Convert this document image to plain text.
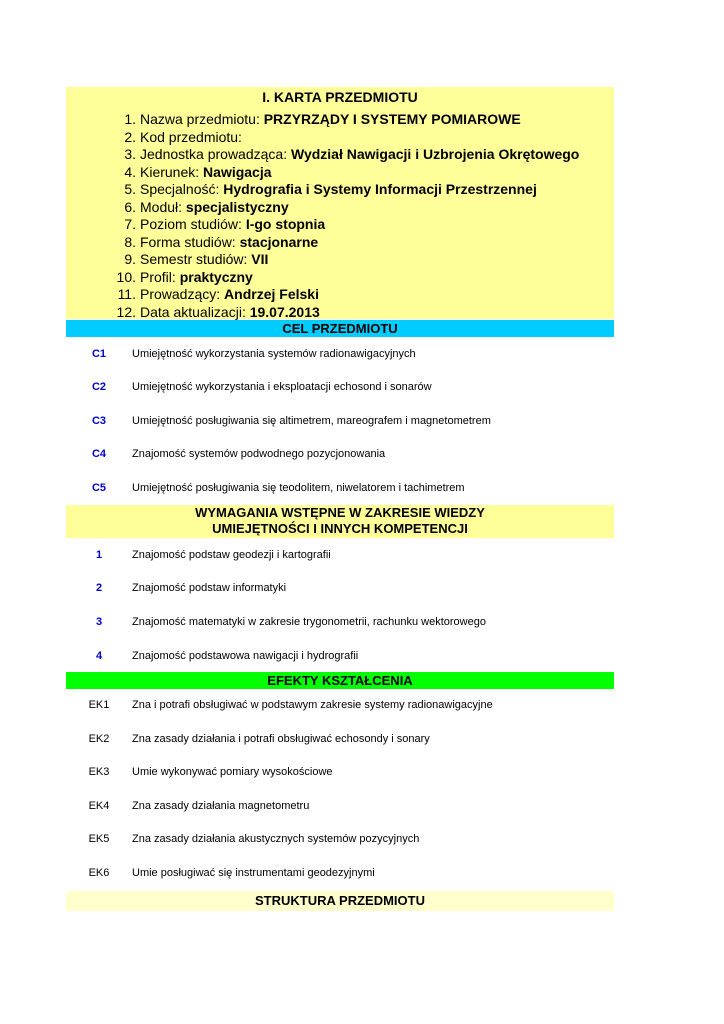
I. KARTA PRZEDMIOTU
1. Nazwa przedmiotu: PRZYRZĄDY I SYSTEMY POMIAROWE
2. Kod przedmiotu:
3. Jednostka prowadząca: Wydział Nawigacji i Uzbrojenia Okrętowego
4. Kierunek: Nawigacja
5. Specjalność: Hydrografia i Systemy Informacji Przestrzennej
6. Moduł: specjalistyczny
7. Poziom studiów: I-go stopnia
8. Forma studiów: stacjonarne
9. Semestr studiów: VII
10. Profil: praktyczny
11. Prowadzący: Andrzej Felski
12. Data aktualizacji: 19.07.2013
CEL PRZEDMIOTU
C1	Umiejętność wykorzystania systemów radionawigacyjnych
C2	Umiejętność wykorzystania i eksploatacji echosond i sonarów
C3	Umiejętność posługiwania się altimetrem, mareografem i magnetometrem
C4	Znajomość systemów podwodnego pozycjonowania
C5	Umiejętność posługiwania się teodolitem, niwelatorem i tachimetrem
WYMAGANIA WSTĘPNE W ZAKRESIE WIEDZY
UMIEJĘTNOŚCI I INNYCH KOMPETENCJI
1	Znajomość podstaw geodezji i kartografii
2	Znajomość podstaw informatyki
3	Znajomość matematyki w zakresie trygonometrii, rachunku wektorowego
4	Znajomość podstawowa nawigacji i hydrografii
EFEKTY KSZTAŁCENIA
EK1	Zna i potrafi obsługiwać w podstawym zakresie systemy radionawigacyjne
EK2	Zna zasady działania i potrafi obsługiwać echosondy i sonary
EK3	Umie wykonywać pomiary wysokościowe
EK4	Zna zasady działania magnetometru
EK5	Zna zasady działania akustycznych systemów pozycyjnych
EK6	Umie posługiwać się instrumentami geodezyjnymi
STRUKTURA PRZEDMIOTU
